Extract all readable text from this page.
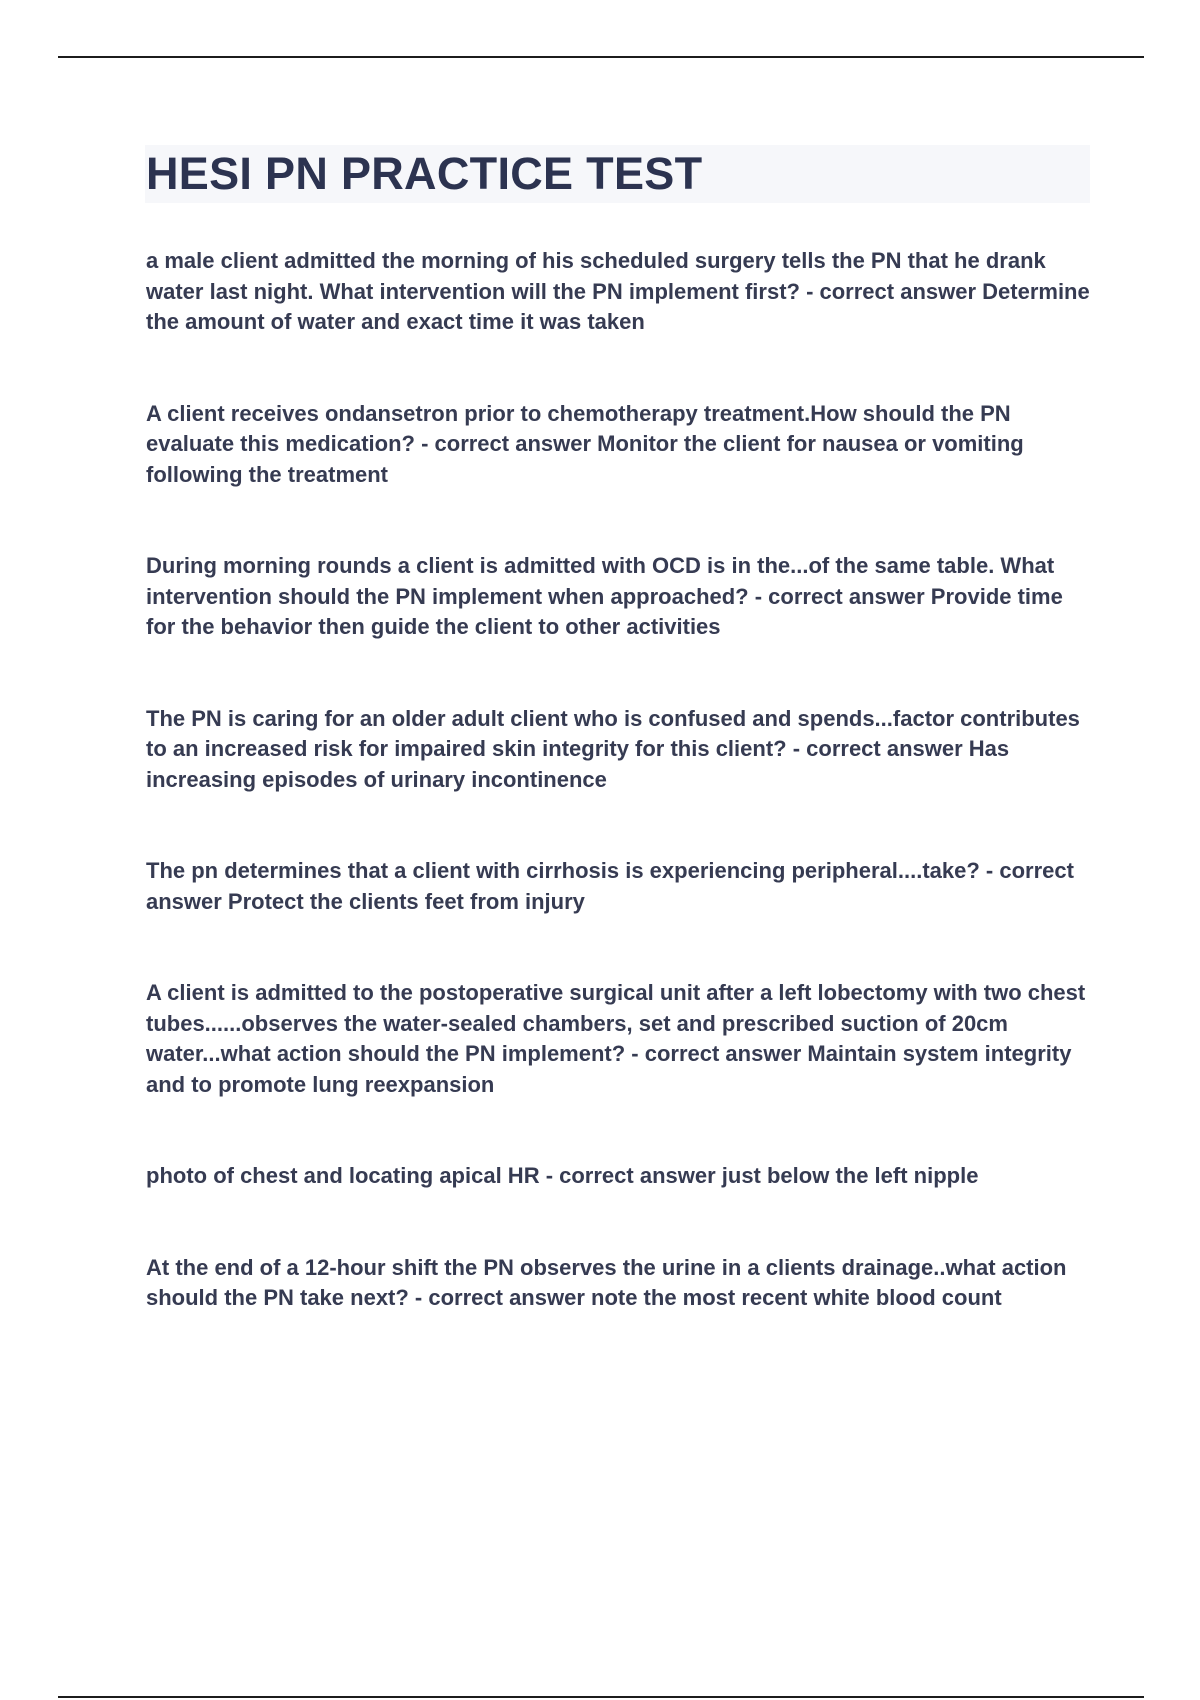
HESI PN PRACTICE TEST
a male client admitted the morning of his scheduled surgery tells the PN that he drank water last night. What intervention will the PN implement first? - correct answer Determine the amount of water and exact time it was taken
A client receives ondansetron prior to chemotherapy treatment.How should the PN evaluate this medication? - correct answer Monitor the client for nausea or vomiting following the treatment
During morning rounds a client is admitted with OCD is in the...of the same table. What intervention should the PN implement when approached? - correct answer Provide time for the behavior then guide the client to other activities
The PN is caring for an older adult client who is confused and spends...factor contributes to an increased risk for impaired skin integrity for this client? - correct answer Has increasing episodes of urinary incontinence
The pn determines that a client with cirrhosis is experiencing peripheral....take? - correct answer Protect the clients feet from injury
A client is admitted to the postoperative surgical unit after a left lobectomy with two chest tubes......observes the water-sealed chambers, set and prescribed suction of 20cm water...what action should the PN implement? - correct answer Maintain system integrity and to promote lung reexpansion
photo of chest and locating apical HR - correct answer just below the left nipple
At the end of a 12-hour shift the PN observes the urine in a clients drainage..what action should the PN take next? - correct answer note the most recent white blood count
